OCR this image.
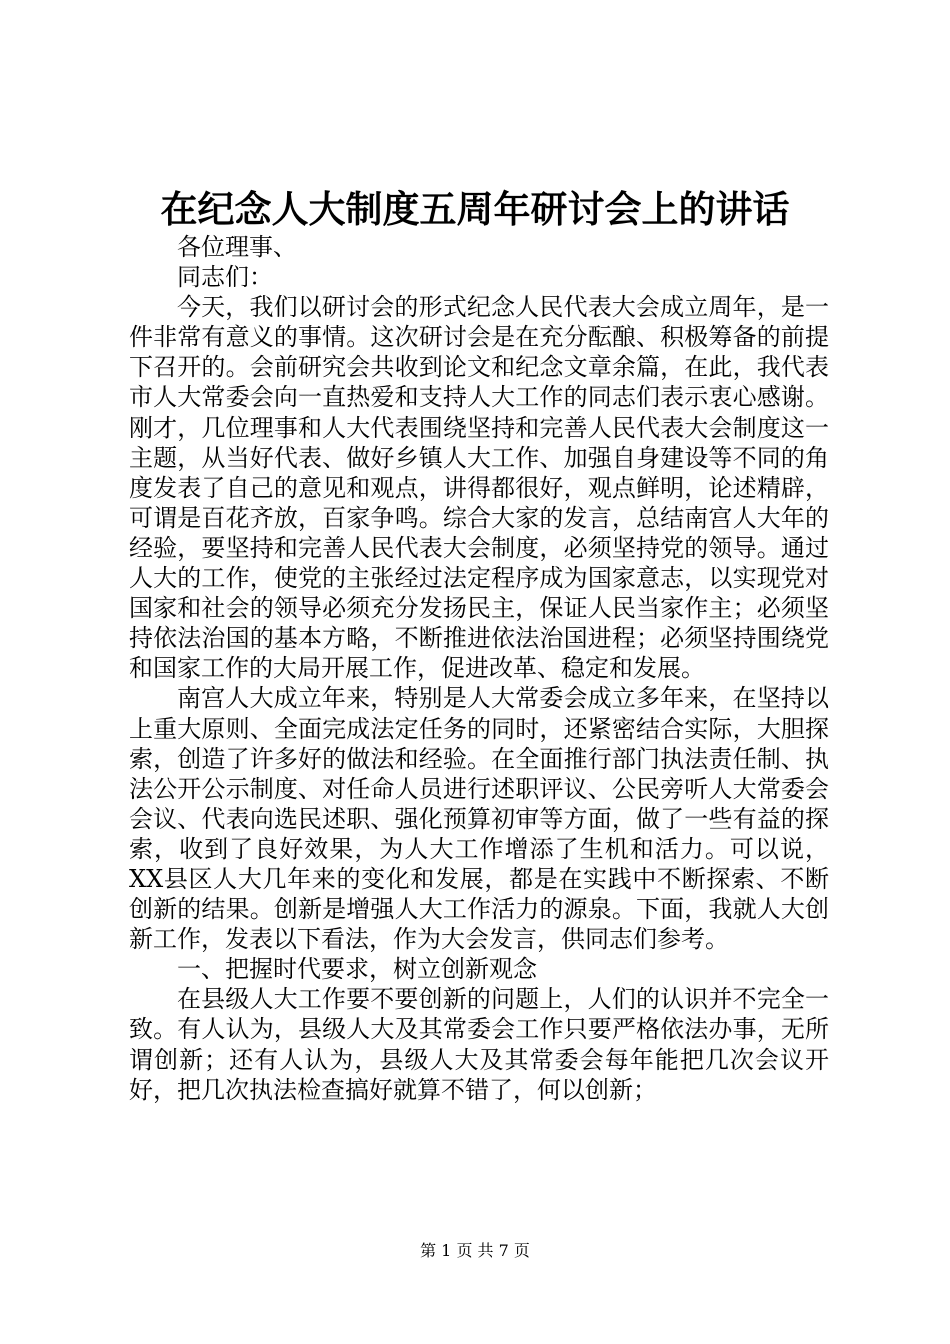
在纪念人大制度五周年研讨会上的讲话

各位理事、

同志们：

今天，我们以研讨会的形式纪念人民代表大会成立周年，是一件非常有意义的事情。这次研讨会是在充分酝酿、积极筹备的前提下召开的。会前研究会共收到论文和纪念文章余篇，在此，我代表市人大常委会向一直热爱和支持人大工作的同志们表示衷心感谢。刚才，几位理事和人大代表围绕坚持和完善人民代表大会制度这一主题，从当好代表、做好乡镇人大工作、加强自身建设等不同的角度发表了自己的意见和观点，讲得都很好，观点鲜明，论述精辟，可谓是百花齐放，百家争鸣。综合大家的发言，总结南宫人大年的经验，要坚持和完善人民代表大会制度，必须坚持党的领导。通过人大的工作，使党的主张经过法定程序成为国家意志，以实现党对国家和社会的领导必须充分发扬民主，保证人民当家作主；必须坚持依法治国的基本方略，不断推进依法治国进程；必须坚持围绕党和国家工作的大局开展工作，促进改革、稳定和发展。

南宫人大成立年来，特别是人大常委会成立多年来，在坚持以上重大原则、全面完成法定任务的同时，还紧密结合实际，大胆探索，创造了许多好的做法和经验。在全面推行部门执法责任制、执法公开公示制度、对任命人员进行述职评议、公民旁听人大常委会会议、代表向选民述职、强化预算初审等方面，做了一些有益的探索，收到了良好效果，为人大工作增添了生机和活力。可以说，XX县区人大几年来的变化和发展，都是在实践中不断探索、不断创新的结果。创新是增强人大工作活力的源泉。下面，我就人大创新工作，发表以下看法，作为大会发言，供同志们参考。

一、把握时代要求，树立创新观念

在县级人大工作要不要创新的问题上，人们的认识并不完全一致。有人认为，县级人大及其常委会工作只要严格依法办事，无所谓创新；还有人认为，县级人大及其常委会每年能把几次会议开好，把几次执法检查搞好就算不错了，何以创新；

第 1 页 共 7 页
